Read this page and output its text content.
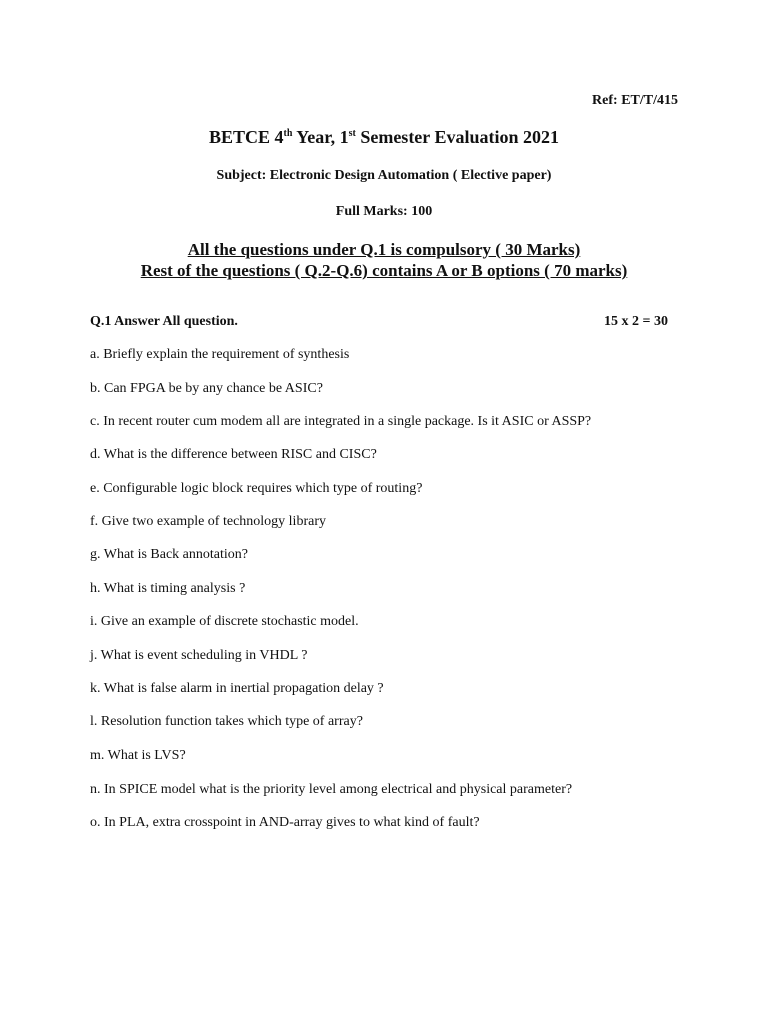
Ref: ET/T/415
BETCE 4th Year, 1st Semester Evaluation 2021
Subject: Electronic Design Automation ( Elective paper)
Full Marks: 100
All the questions under Q.1 is compulsory ( 30 Marks)
Rest of the questions ( Q.2-Q.6) contains A or B options ( 70 marks)
Q.1 Answer All question.	15 x 2 = 30
a. Briefly explain the requirement of synthesis
b. Can FPGA be by any chance be ASIC?
c. In recent router cum modem all are integrated in a single package. Is it ASIC or ASSP?
d. What is the difference between RISC and CISC?
e. Configurable logic block requires which type of routing?
f. Give two example of technology library
g. What is Back annotation?
h. What is timing analysis ?
i. Give an example of discrete stochastic model.
j. What is event scheduling in VHDL ?
k. What is false alarm in inertial propagation delay ?
l. Resolution function takes which type of array?
m. What is LVS?
n. In SPICE model what is the priority level among electrical and physical parameter?
o. In PLA, extra crosspoint in AND-array gives to what kind of fault?
